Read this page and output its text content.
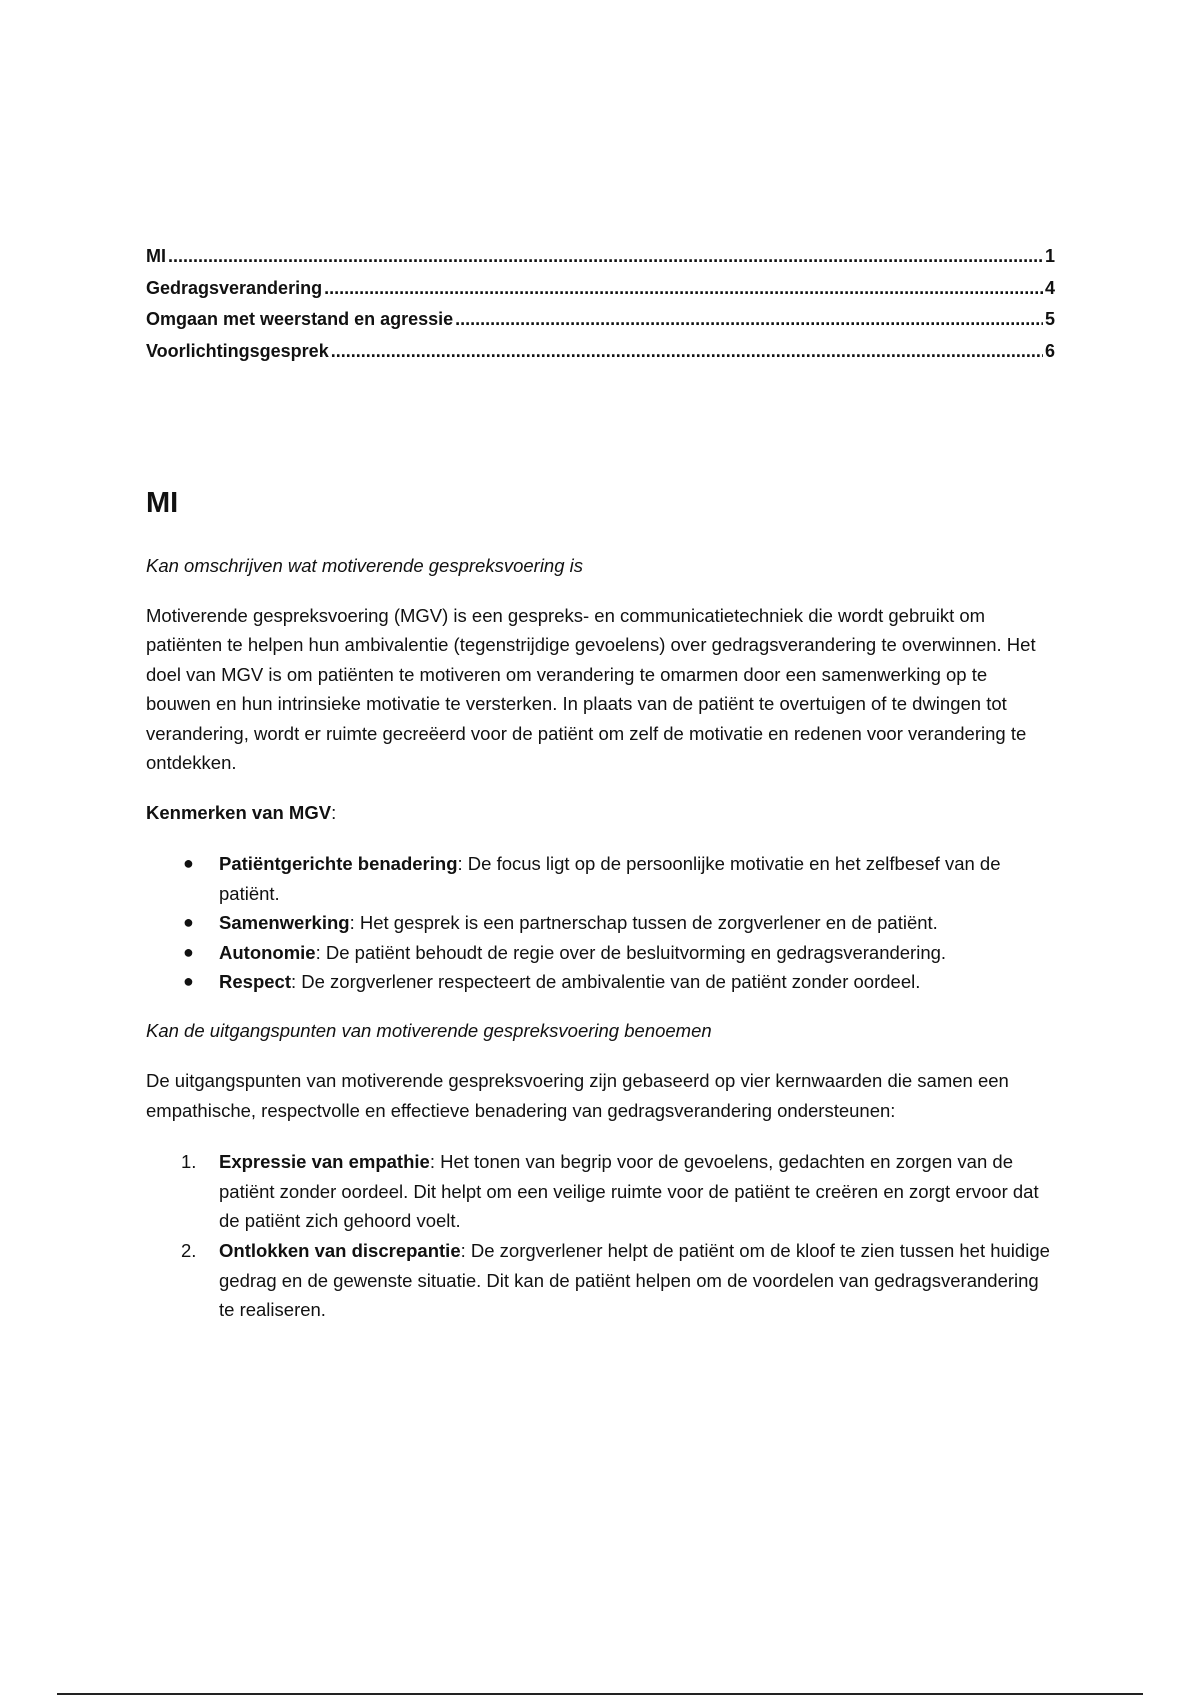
MI .....	1
Gedragsverandering .....	4
Omgaan met weerstand en agressie .....	5
Voorlichtingsgesprek .....	6
MI
Kan omschrijven wat motiverende gespreksvoering is

Motiverende gespreksvoering (MGV) is een gespreks- en communicatietechniek die wordt gebruikt om patiënten te helpen hun ambivalentie (tegenstrijdige gevoelens) over gedragsverandering te overwinnen. Het doel van MGV is om patiënten te motiveren om verandering te omarmen door een samenwerking op te bouwen en hun intrinsieke motivatie te versterken. In plaats van de patiënt te overtuigen of te dwingen tot verandering, wordt er ruimte gecreëerd voor de patiënt om zelf de motivatie en redenen voor verandering te ontdekken.

Kenmerken van MGV:
● Patiëntgerichte benadering: De focus ligt op de persoonlijke motivatie en het zelfbesef van de patiënt.
● Samenwerking: Het gesprek is een partnerschap tussen de zorgverlener en de patiënt.
● Autonomie: De patiënt behoudt de regie over de besluitvorming en gedragsverandering.
● Respect: De zorgverlener respecteert de ambivalentie van de patiënt zonder oordeel.
Kan de uitgangspunten van motiverende gespreksvoering benoemen

De uitgangspunten van motiverende gespreksvoering zijn gebaseerd op vier kernwaarden die samen een empathische, respectvolle en effectieve benadering van gedragsverandering ondersteunen:

1. Expressie van empathie: Het tonen van begrip voor de gevoelens, gedachten en zorgen van de patiënt zonder oordeel. Dit helpt om een veilige ruimte voor de patiënt te creëren en zorgt ervoor dat de patiënt zich gehoord voelt.
2. Ontlokken van discrepantie: De zorgverlener helpt de patiënt om de kloof te zien tussen het huidige gedrag en de gewenste situatie. Dit kan de patiënt helpen om de voordelen van gedragsverandering te realiseren.
